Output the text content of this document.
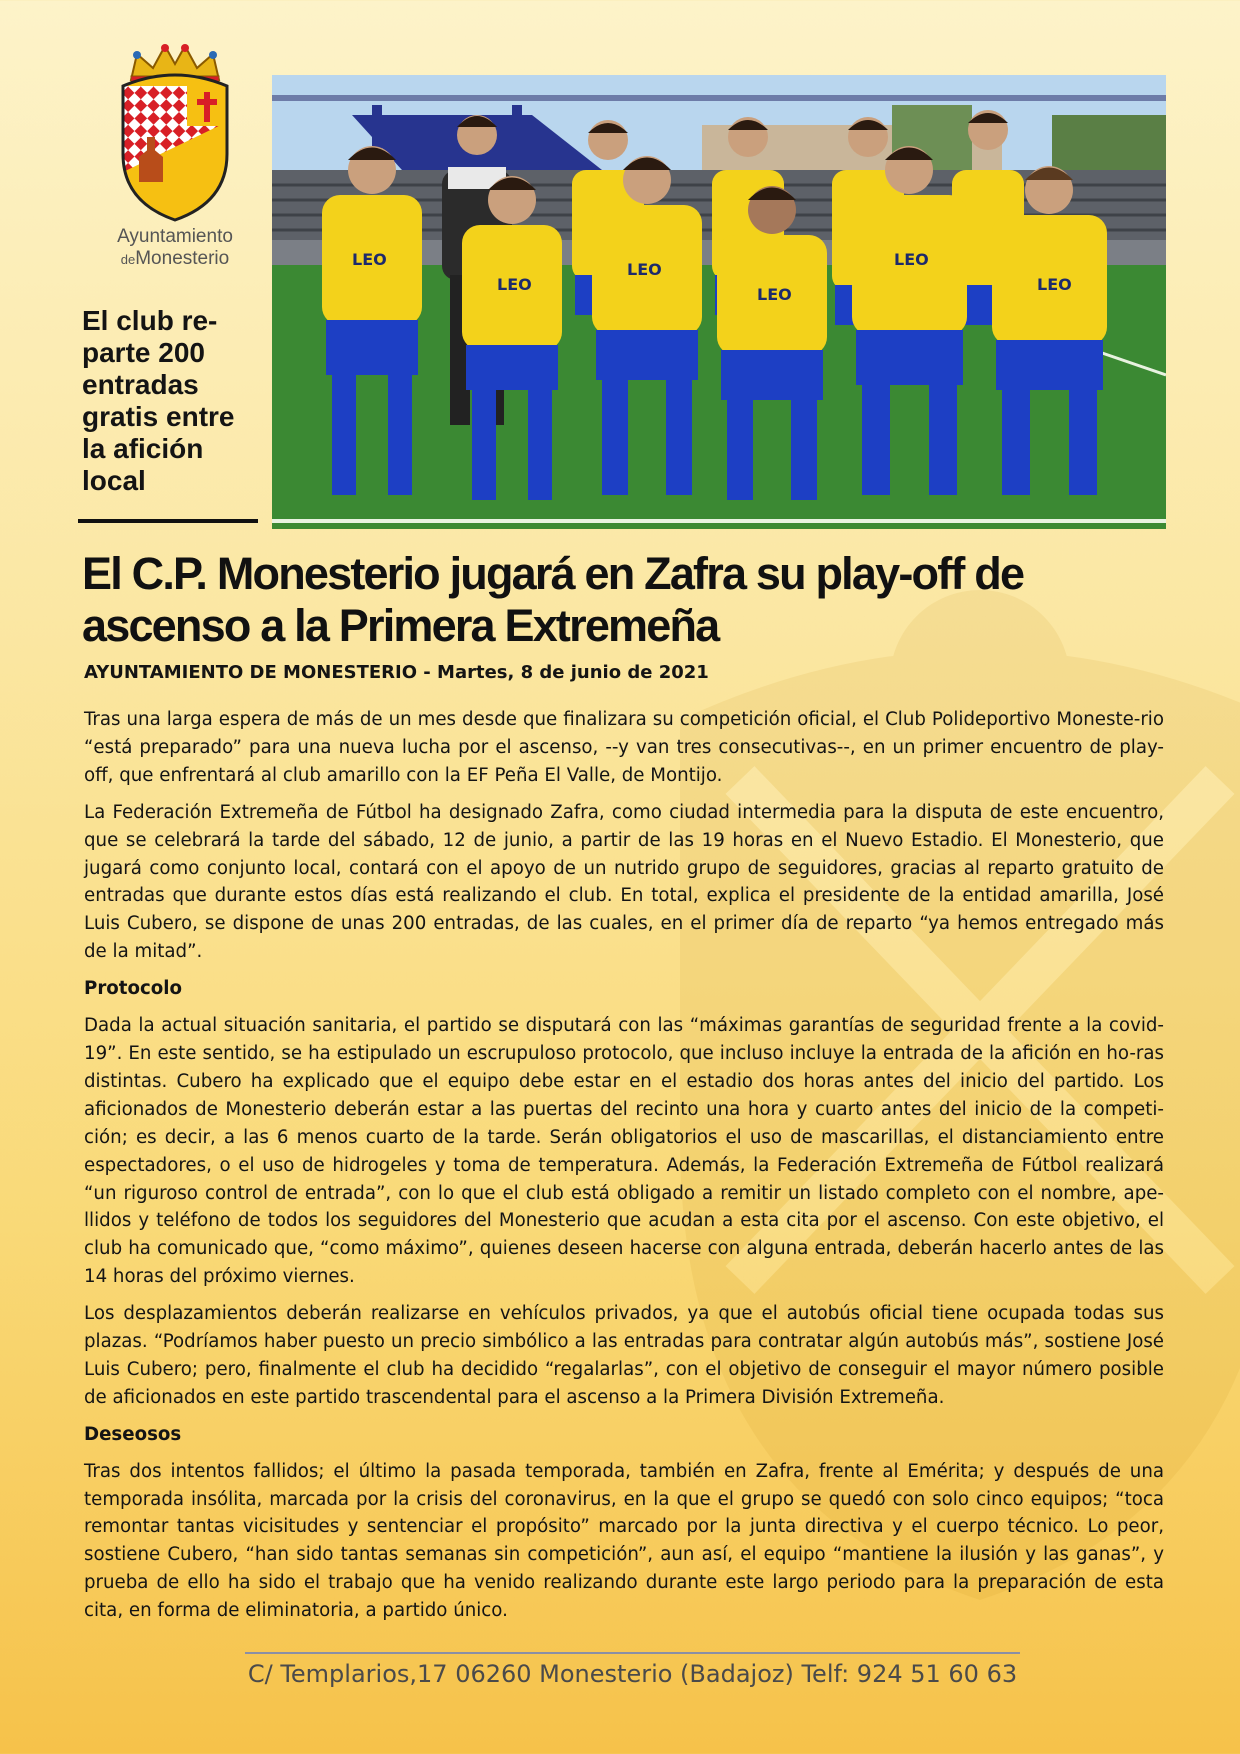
Ayuntamiento
deMonesterio
El club re-parte 200 entradas gratis entre la afición local
LEO
LEO
LEO
LEO
LEO
LEO
El C.P. Monesterio jugará en Zafra su play-off de ascenso a la Primera Extremeña
AYUNTAMIENTO DE MONESTERIO - Martes, 8 de junio de 2021

Tras una larga espera de más de un mes desde que finalizara su competición oficial, el Club Polideportivo Moneste-rio “está preparado” para una nueva lucha por el ascenso, --y van tres consecutivas--, en un primer encuentro de play-off, que enfrentará al club amarillo con la EF Peña El Valle, de Montijo.

La Federación Extremeña de Fútbol ha designado Zafra, como ciudad intermedia para la disputa de este encuentro, que se celebrará la tarde del sábado, 12 de junio, a partir de las 19 horas en el Nuevo Estadio. El Monesterio, que jugará como conjunto local, contará con el apoyo de un nutrido grupo de seguidores, gracias al reparto gratuito de entradas que durante estos días está realizando el club. En total, explica el presidente de la entidad amarilla, José Luis Cubero, se dispone de unas 200 entradas, de las cuales, en el primer día de reparto “ya hemos entregado más de la mitad”.

Protocolo

Dada la actual situación sanitaria, el partido se disputará con las “máximas garantías de seguridad frente a la covid-19”. En este sentido, se ha estipulado un escrupuloso protocolo, que incluso incluye la entrada de la afición en ho-ras distintas. Cubero ha explicado que el equipo debe estar en el estadio dos horas antes del inicio del partido. Los aficionados de Monesterio deberán estar a las puertas del recinto una hora y cuarto antes del inicio de la competi-ción; es decir, a las 6 menos cuarto de la tarde. Serán obligatorios el uso de mascarillas, el distanciamiento entre espectadores, o el uso de hidrogeles y toma de temperatura. Además, la Federación Extremeña de Fútbol realizará “un riguroso control de entrada”, con lo que el club está obligado a remitir un listado completo con el nombre, ape-llidos y teléfono de todos los seguidores del Monesterio que acudan a esta cita por el ascenso. Con este objetivo, el club ha comunicado que, “como máximo”, quienes deseen hacerse con alguna entrada, deberán hacerlo antes de las 14 horas del próximo viernes.

Los desplazamientos deberán realizarse en vehículos privados, ya que el autobús oficial tiene ocupada todas sus plazas. “Podríamos haber puesto un precio simbólico a las entradas para contratar algún autobús más”, sostiene José Luis Cubero; pero, finalmente el club ha decidido “regalarlas”, con el objetivo de conseguir el mayor número posible de aficionados en este partido trascendental para el ascenso a la Primera División Extremeña.

Deseosos

Tras dos intentos fallidos; el último la pasada temporada, también en Zafra, frente al Emérita; y después de una temporada insólita, marcada por la crisis del coronavirus, en la que el grupo se quedó con solo cinco equipos; “toca remontar tantas vicisitudes y sentenciar el propósito” marcado por la junta directiva y el cuerpo técnico. Lo peor, sostiene Cubero, “han sido tantas semanas sin competición”, aun así, el equipo “mantiene la ilusión y las ganas”, y prueba de ello ha sido el trabajo que ha venido realizando durante este largo periodo para la preparación de esta cita, en forma de eliminatoria, a partido único.

C/ Templarios,17 06260 Monesterio (Badajoz) Telf: 924 51 60 63
